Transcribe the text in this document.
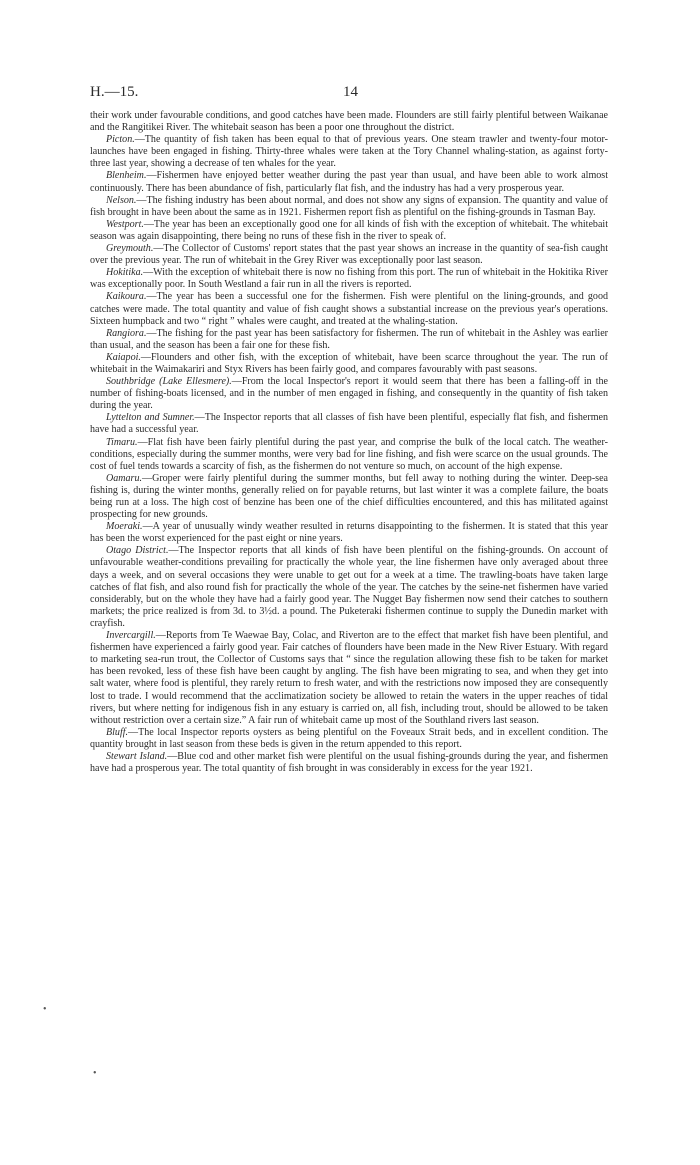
H.—15.	14

their work under favourable conditions, and good catches have been made. Flounders are still fairly plentiful between Waikanae and the Rangitikei River. The whitebait season has been a poor one throughout the district.

Picton.—The quantity of fish taken has been equal to that of previous years. One steam trawler and twenty-four motor-launches have been engaged in fishing. Thirty-three whales were taken at the Tory Channel whaling-station, as against forty-three last year, showing a decrease of ten whales for the year.

Blenheim.—Fishermen have enjoyed better weather during the past year than usual, and have been able to work almost continuously. There has been abundance of fish, particularly flat fish, and the industry has had a very prosperous year.

Nelson.—The fishing industry has been about normal, and does not show any signs of expansion. The quantity and value of fish brought in have been about the same as in 1921. Fishermen report fish as plentiful on the fishing-grounds in Tasman Bay.

Westport.—The year has been an exceptionally good one for all kinds of fish with the exception of whitebait. The whitebait season was again disappointing, there being no runs of these fish in the river to speak of.

Greymouth.—The Collector of Customs' report states that the past year shows an increase in the quantity of sea-fish caught over the previous year. The run of whitebait in the Grey River was exceptionally poor last season.

Hokitika.—With the exception of whitebait there is now no fishing from this port. The run of whitebait in the Hokitika River was exceptionally poor. In South Westland a fair run in all the rivers is reported.

Kaikoura.—The year has been a successful one for the fishermen. Fish were plentiful on the lining-grounds, and good catches were made. The total quantity and value of fish caught shows a substantial increase on the previous year's operations. Sixteen humpback and two “ right ” whales were caught, and treated at the whaling-station.

Rangiora.—The fishing for the past year has been satisfactory for fishermen. The run of whitebait in the Ashley was earlier than usual, and the season has been a fair one for these fish.

Kaiapoi.—Flounders and other fish, with the exception of whitebait, have been scarce throughout the year. The run of whitebait in the Waimakariri and Styx Rivers has been fairly good, and compares favourably with past seasons.

Southbridge (Lake Ellesmere).—From the local Inspector's report it would seem that there has been a falling-off in the number of fishing-boats licensed, and in the number of men engaged in fishing, and consequently in the quantity of fish taken during the year.

Lyttelton and Sumner.—The Inspector reports that all classes of fish have been plentiful, especially flat fish, and fishermen have had a successful year.

Timaru.—Flat fish have been fairly plentiful during the past year, and comprise the bulk of the local catch. The weather-conditions, especially during the summer months, were very bad for line fishing, and fish were scarce on the usual grounds. The cost of fuel tends towards a scarcity of fish, as the fishermen do not venture so much, on account of the high expense.

Oamaru.—Groper were fairly plentiful during the summer months, but fell away to nothing during the winter. Deep-sea fishing is, during the winter months, generally relied on for payable returns, but last winter it was a complete failure, the boats being run at a loss. The high cost of benzine has been one of the chief difficulties encountered, and this has militated against prospecting for new grounds.

Moeraki.—A year of unusually windy weather resulted in returns disappointing to the fishermen. It is stated that this year has been the worst experienced for the past eight or nine years.

Otago District.—The Inspector reports that all kinds of fish have been plentiful on the fishing-grounds. On account of unfavourable weather-conditions prevailing for practically the whole year, the line fishermen have only averaged about three days a week, and on several occasions they were unable to get out for a week at a time. The trawling-boats have taken large catches of flat fish, and also round fish for practically the whole of the year. The catches by the seine-net fishermen have varied considerably, but on the whole they have had a fairly good year. The Nugget Bay fishermen now send their catches to southern markets; the price realized is from 3d. to 3½d. a pound. The Puketeraki fishermen continue to supply the Dunedin market with crayfish.

Invercargill.—Reports from Te Waewae Bay, Colac, and Riverton are to the effect that market fish have been plentiful, and fishermen have experienced a fairly good year. Fair catches of flounders have been made in the New River Estuary. With regard to marketing sea-run trout, the Collector of Customs says that “ since the regulation allowing these fish to be taken for market has been revoked, less of these fish have been caught by angling. The fish have been migrating to sea, and when they get into salt water, where food is plentiful, they rarely return to fresh water, and with the restrictions now imposed they are consequently lost to trade. I would recommend that the acclimatization society be allowed to retain the waters in the upper reaches of tidal rivers, but where netting for indigenous fish in any estuary is carried on, all fish, including trout, should be allowed to be taken without restriction over a certain size.” A fair run of whitebait came up most of the Southland rivers last season.

Bluff.—The local Inspector reports oysters as being plentiful on the Foveaux Strait beds, and in excellent condition. The quantity brought in last season from these beds is given in the return appended to this report.

Stewart Island.—Blue cod and other market fish were plentiful on the usual fishing-grounds during the year, and fishermen have had a prosperous year. The total quantity of fish brought in was considerably in excess for the year 1921.

•
•
